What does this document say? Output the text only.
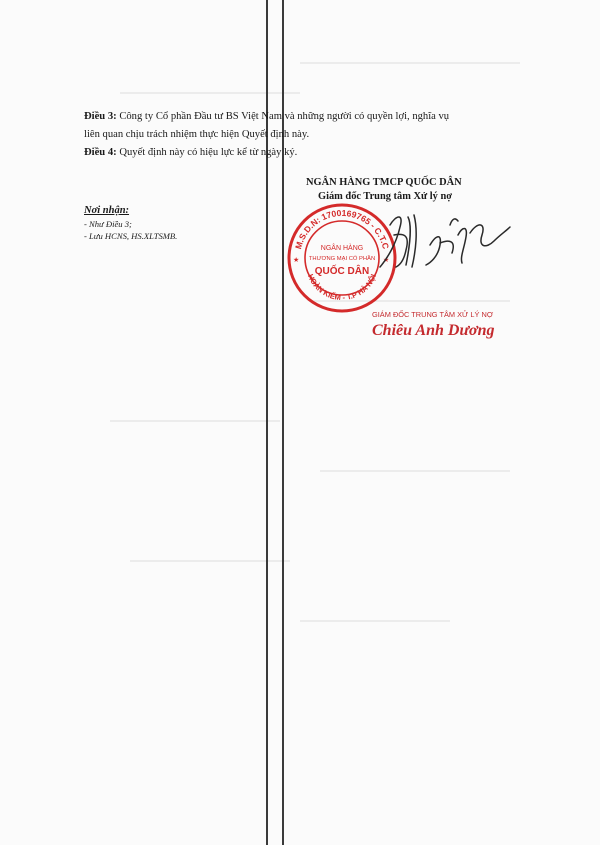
Điều 3: Công ty Cổ phần Đầu tư BS Việt Nam và những người có quyền lợi, nghĩa vụ
liên quan chịu trách nhiệm thực hiện Quyết định này.
Điều 4: Quyết định này có hiệu lực kể từ ngày ký.
Nơi nhận:
- Như Điều 3;
- Lưu HCNS, HS.XLTSMB.
NGÂN HÀNG TMCP QUỐC DÂN
Giám đốc Trung tâm Xử lý nợ
M.S.D.N: 1700169765 - C.T.C
HOÀN KIẾM - T.P HÀ NỘI
★	★
NGÂN HÀNG
THƯƠNG MẠI CỔ PHẦN
QUỐC DÂN
GIÁM ĐỐC TRUNG TÂM XỬ LÝ NỢ
Chiêu Anh Dương
